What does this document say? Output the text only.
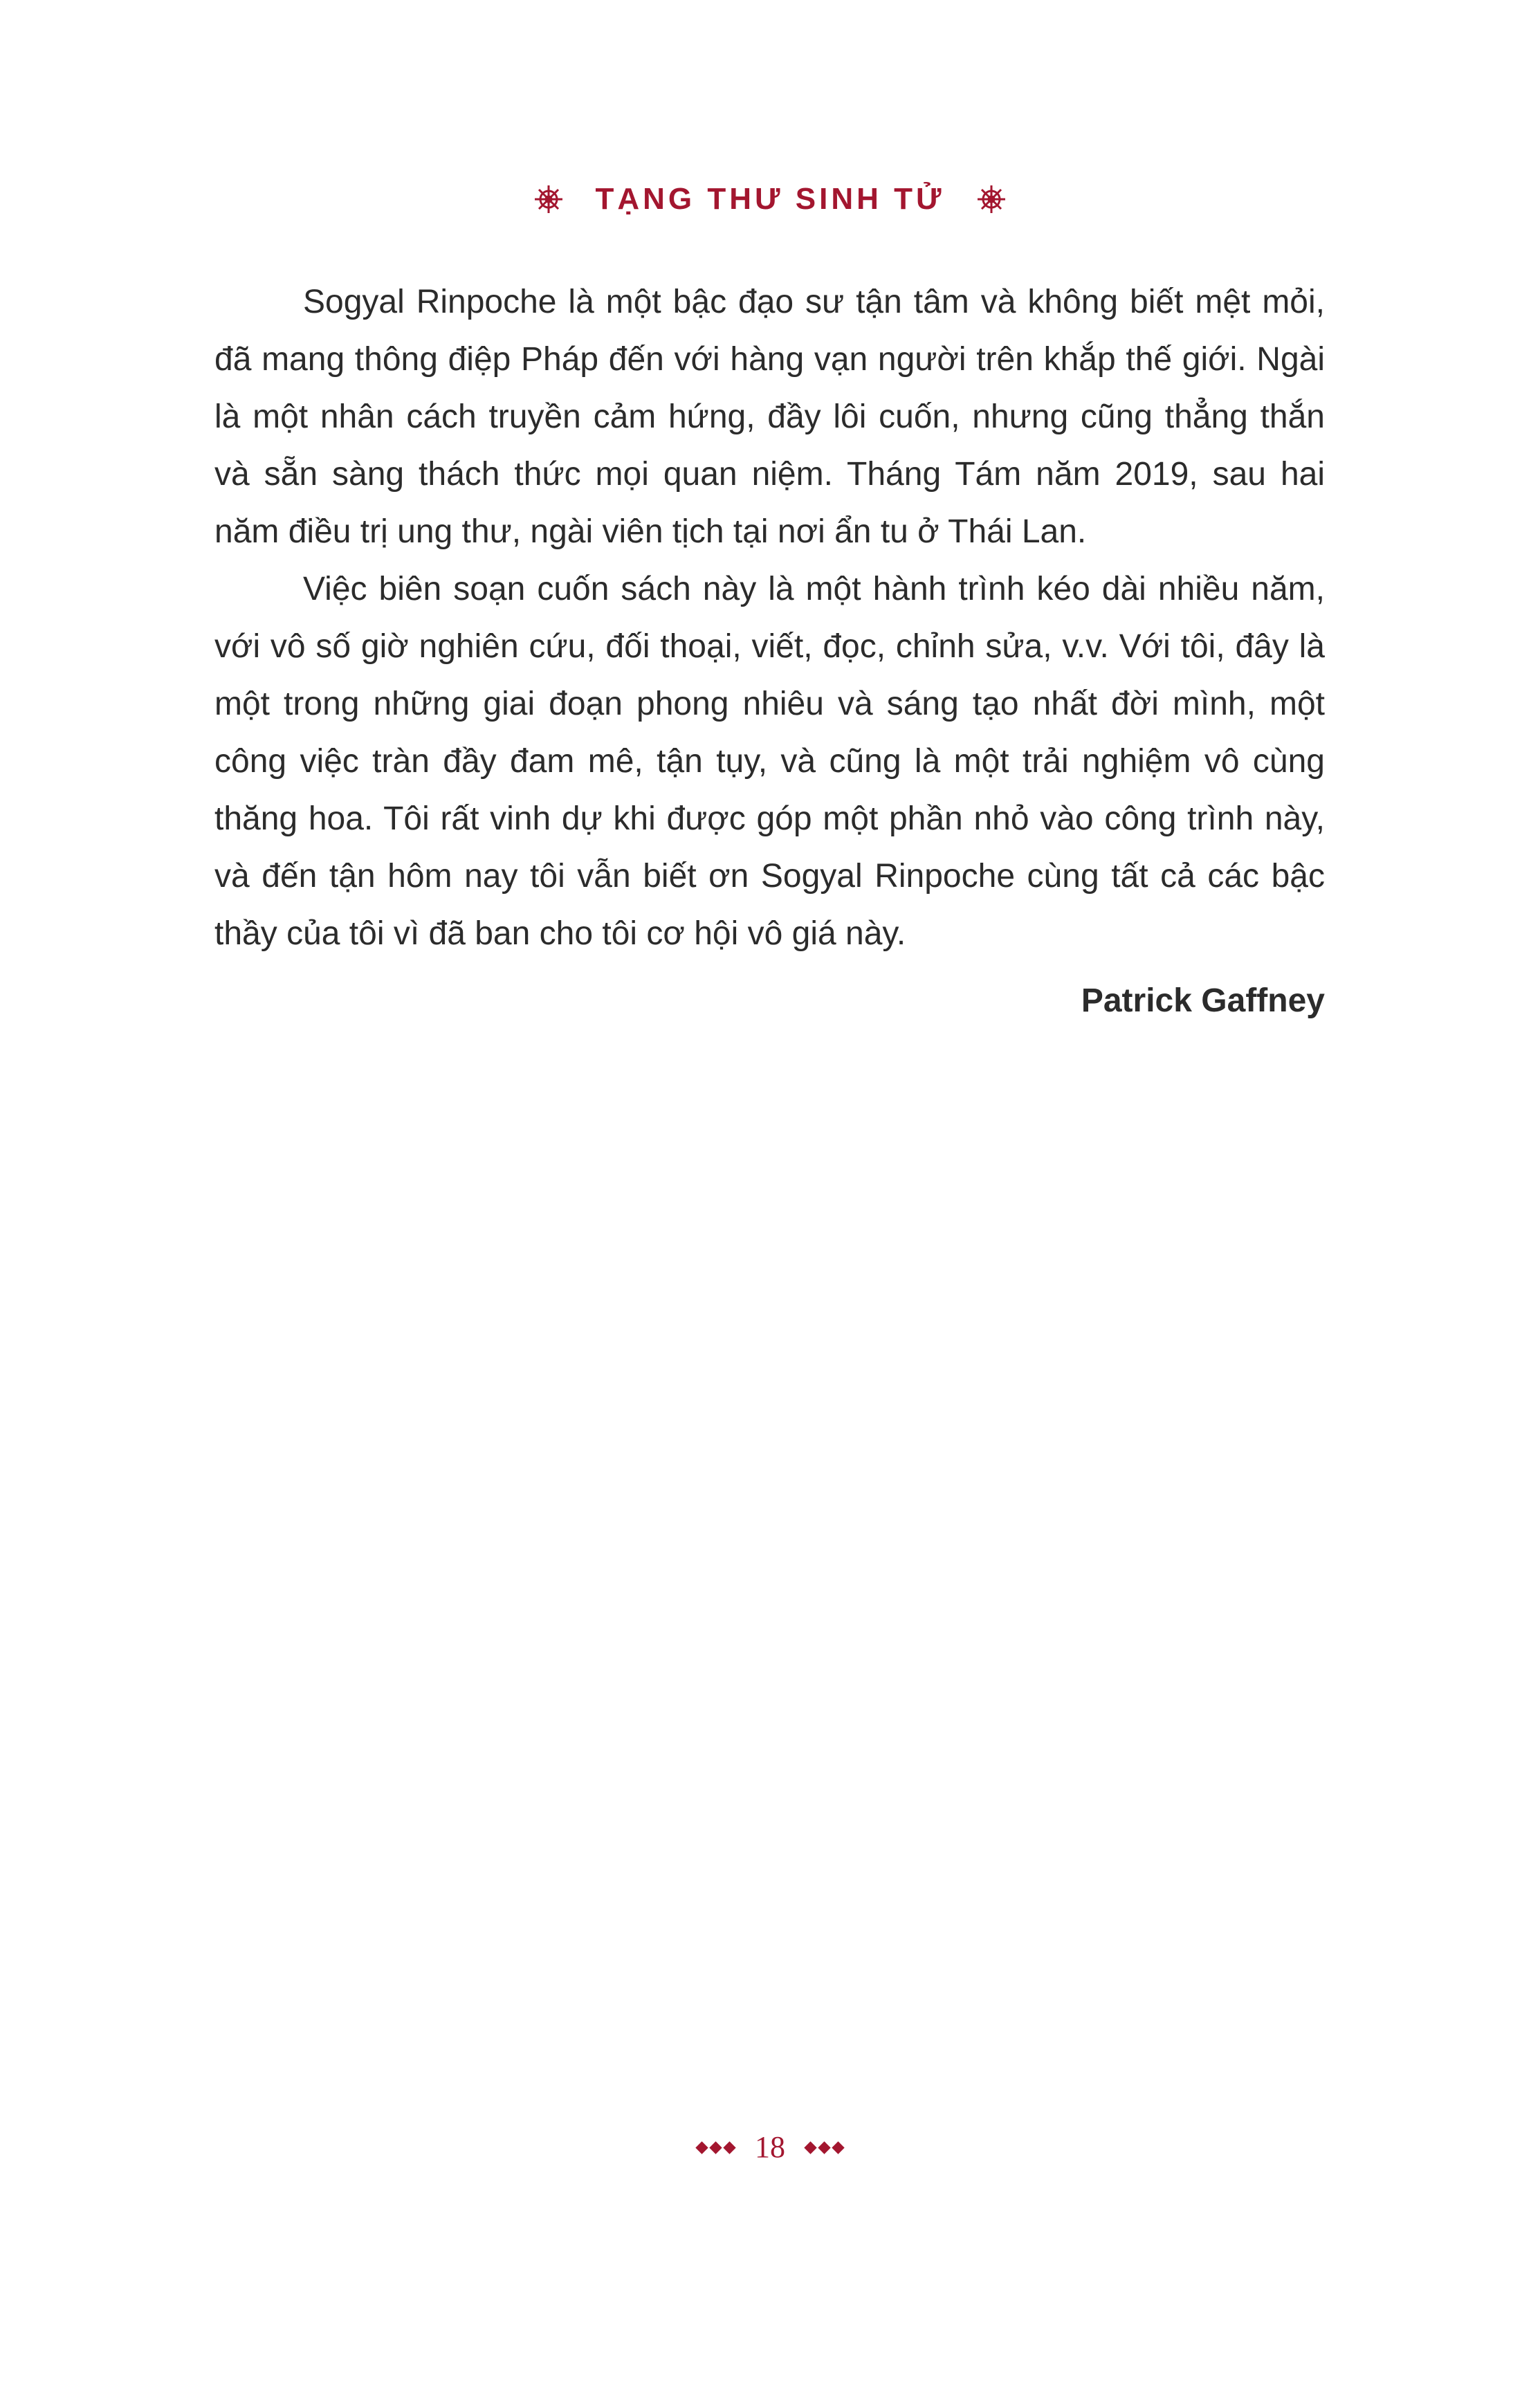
TẠNG THƯ SINH TỬ

Sogyal Rinpoche là một bậc đạo sư tận tâm và không biết mệt mỏi, đã mang thông điệp Pháp đến với hàng vạn người trên khắp thế giới. Ngài là một nhân cách truyền cảm hứng, đầy lôi cuốn, nhưng cũng thẳng thắn và sẵn sàng thách thức mọi quan niệm. Tháng Tám năm 2019, sau hai năm điều trị ung thư, ngài viên tịch tại nơi ẩn tu ở Thái Lan.

Việc biên soạn cuốn sách này là một hành trình kéo dài nhiều năm, với vô số giờ nghiên cứu, đối thoại, viết, đọc, chỉnh sửa, v.v. Với tôi, đây là một trong những giai đoạn phong nhiêu và sáng tạo nhất đời mình, một công việc tràn đầy đam mê, tận tụy, và cũng là một trải nghiệm vô cùng thăng hoa. Tôi rất vinh dự khi được góp một phần nhỏ vào công trình này, và đến tận hôm nay tôi vẫn biết ơn Sogyal Rinpoche cùng tất cả các bậc thầy của tôi vì đã ban cho tôi cơ hội vô giá này.

Patrick Gaffney
18
